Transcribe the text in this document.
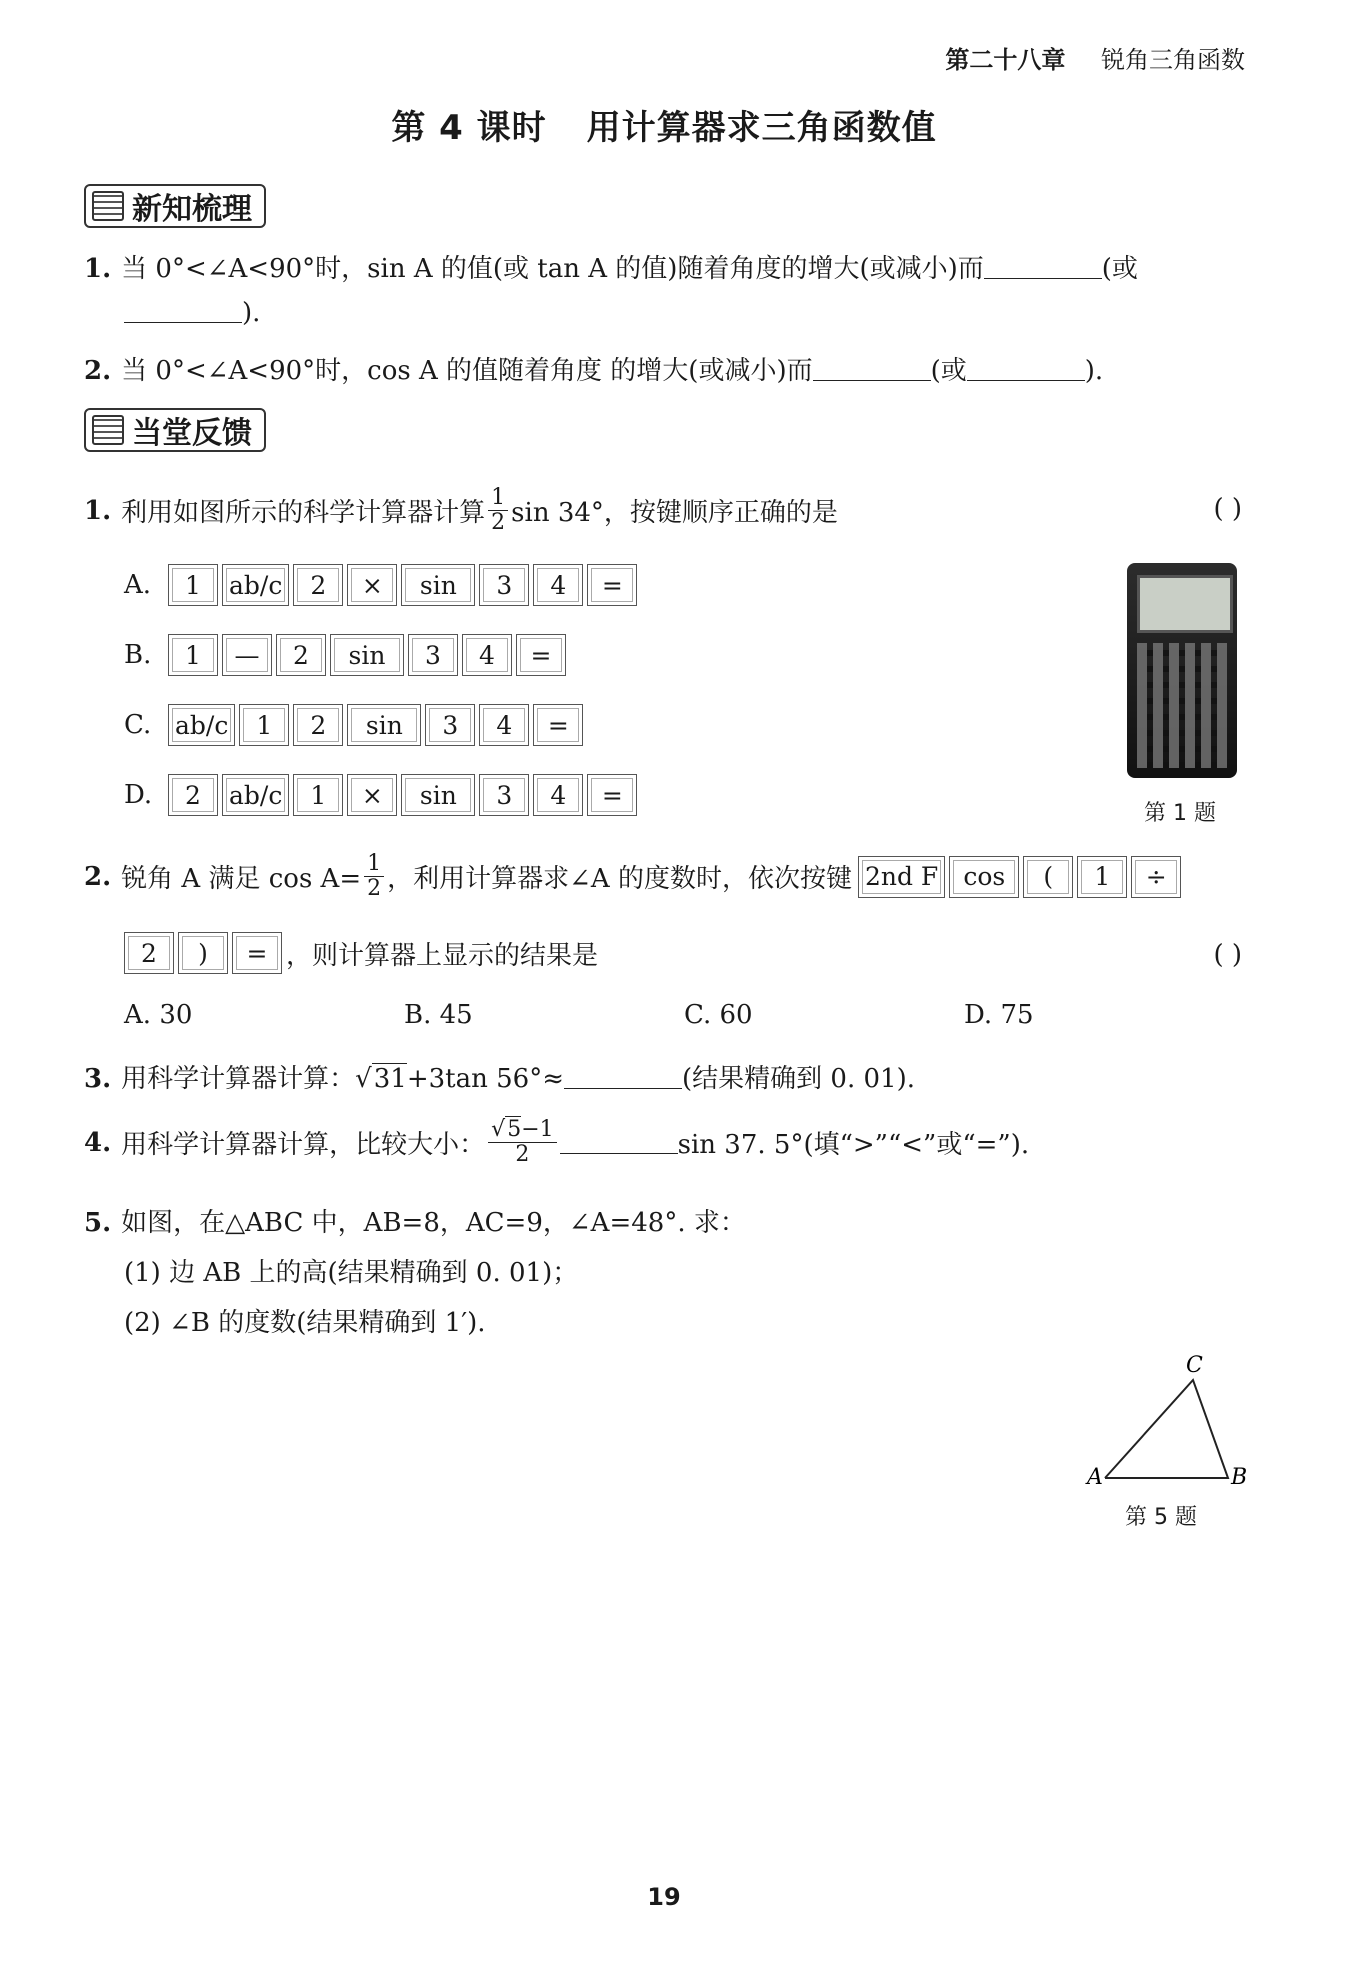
第二十八章 锐角三角函数
第 4 课时 用计算器求三角函数值
新知梳理
1. 当 0°<∠A<90°时，sin A 的值(或 tan A 的值)随着角度的增大(或减小)而	(或
).
2. 当 0°<∠A<90°时，cos A 的值随着角度 的增大(或减小)而	(或	).
当堂反馈
1. 利用如图所示的科学计算器计算 $\frac{1}{2}$ sin 34°，按键顺序正确的是	( )
A.	1	ab/c	2	×	sin	3	4	=
B.	1	—	2	sin	3	4	=
C. ab/c	1	2	sin	3	4	=
D.	2	ab/c	1	×	sin	3	4	=
第 1 题
2. 锐角 A 满足 $\cos A= \frac{1}{2}$ ，利用计算器求∠A 的度数时，依次按键 2nd F	cos	(	1	÷
2	)	= ，则计算器上显示的结果是	( )
A. 30	B. 45	C. 60	D. 75
3. 用科学计算器计算：√31+3tan 56°≈	(结果精确到 0. 01).
4. 用科学计算器计算，比较大小： $\frac{√5-1}{2}$	sin 37. 5°(填“>”“<”或“=”).
5. 如图，在△ABC 中，AB=8，AC=9，∠A=48°. 求：
(1) 边 AB 上的高(结果精确到 0. 01)；
(2) ∠B 的度数(结果精确到 1′).
A	B
C
第 5 题
19
